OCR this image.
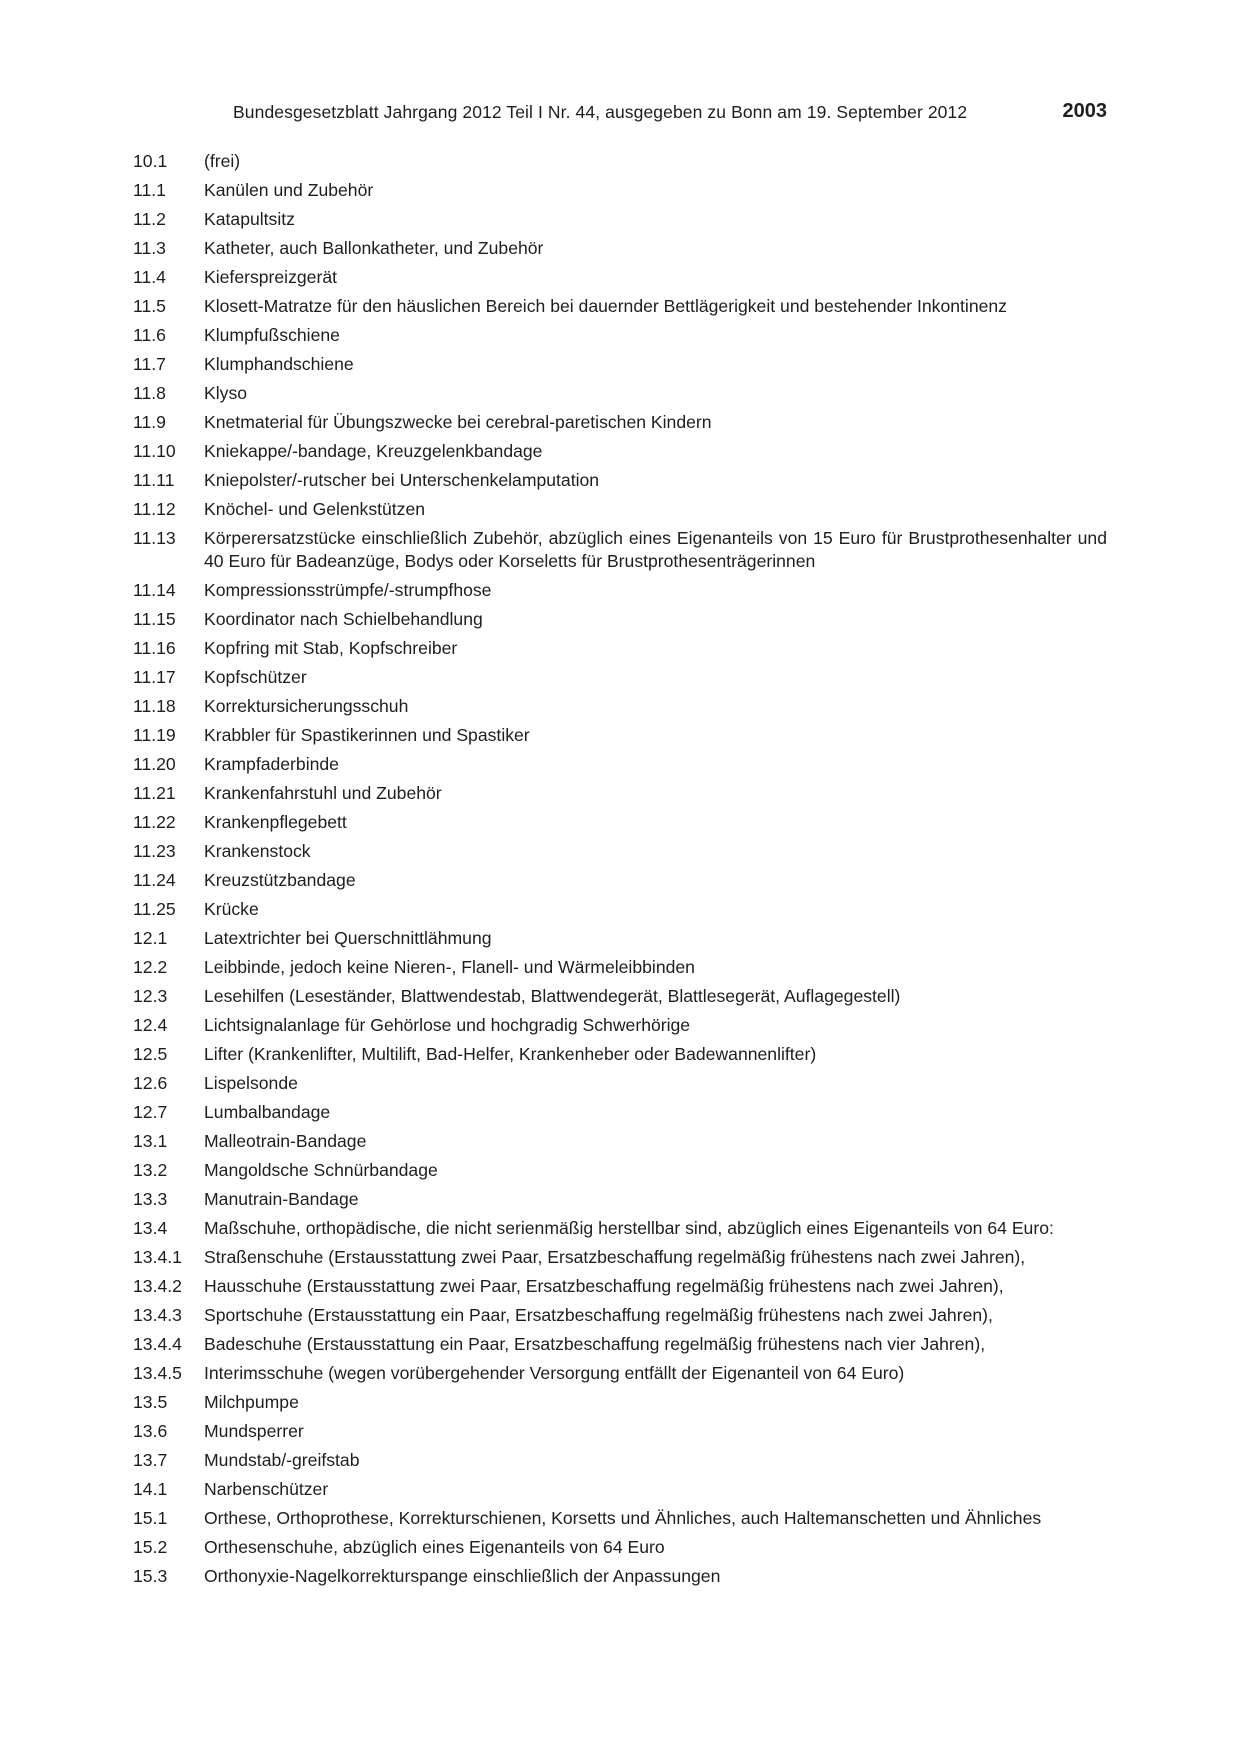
Bundesgesetzblatt Jahrgang 2012 Teil I Nr. 44, ausgegeben zu Bonn am 19. September 2012	2003
10.1	(frei)
11.1	Kanülen und Zubehör
11.2	Katapultsitz
11.3	Katheter, auch Ballonkatheter, und Zubehör
11.4	Kieferspreizgerät
11.5	Klosett-Matratze für den häuslichen Bereich bei dauernder Bettlägerigkeit und bestehender Inkontinenz
11.6	Klumpfußschiene
11.7	Klumphandschiene
11.8	Klyso
11.9	Knetmaterial für Übungszwecke bei cerebral-paretischen Kindern
11.10	Kniekappe/-bandage, Kreuzgelenkbandage
11.11	Kniepolster/-rutscher bei Unterschenkelamputation
11.12	Knöchel- und Gelenkstützen
11.13	Körperersatzstücke einschließlich Zubehör, abzüglich eines Eigenanteils von 15 Euro für Brustprothesenhalter und 40 Euro für Badeanzüge, Bodys oder Korseletts für Brustprothesenträgerinnen
11.14	Kompressionsstrümpfe/-strumpfhose
11.15	Koordinator nach Schielbehandlung
11.16	Kopfring mit Stab, Kopfschreiber
11.17	Kopfschützer
11.18	Korrektursicherungsschuh
11.19	Krabbler für Spastikerinnen und Spastiker
11.20	Krampfaderbinde
11.21	Krankenfahrstuhl und Zubehör
11.22	Krankenpflegebett
11.23	Krankenstock
11.24	Kreuzstützbandage
11.25	Krücke
12.1	Latextrichter bei Querschnittlähmung
12.2	Leibbinde, jedoch keine Nieren-, Flanell- und Wärmeleibbinden
12.3	Lesehilfen (Leseständer, Blattwendestab, Blattwendegerät, Blattlesegerät, Auflagegestell)
12.4	Lichtsignalanlage für Gehörlose und hochgradig Schwerhörige
12.5	Lifter (Krankenlifter, Multilift, Bad-Helfer, Krankenheber oder Badewannenlifter)
12.6	Lispelsonde
12.7	Lumbalbandage
13.1	Malleotrain-Bandage
13.2	Mangoldsche Schnürbandage
13.3	Manutrain-Bandage
13.4	Maßschuhe, orthopädische, die nicht serienmäßig herstellbar sind, abzüglich eines Eigenanteils von 64 Euro:
13.4.1	Straßenschuhe (Erstausstattung zwei Paar, Ersatzbeschaffung regelmäßig frühestens nach zwei Jahren),
13.4.2	Hausschuhe (Erstausstattung zwei Paar, Ersatzbeschaffung regelmäßig frühestens nach zwei Jahren),
13.4.3	Sportschuhe (Erstausstattung ein Paar, Ersatzbeschaffung regelmäßig frühestens nach zwei Jahren),
13.4.4	Badeschuhe (Erstausstattung ein Paar, Ersatzbeschaffung regelmäßig frühestens nach vier Jahren),
13.4.5	Interimsschuhe (wegen vorübergehender Versorgung entfällt der Eigenanteil von 64 Euro)
13.5	Milchpumpe
13.6	Mundsperrer
13.7	Mundstab/-greifstab
14.1	Narbenschützer
15.1	Orthese, Orthoprothese, Korrekturschienen, Korsetts und Ähnliches, auch Haltemanschetten und Ähnliches
15.2	Orthesenschuhe, abzüglich eines Eigenanteils von 64 Euro
15.3	Orthonyxie-Nagelkorrekturspange einschließlich der Anpassungen
